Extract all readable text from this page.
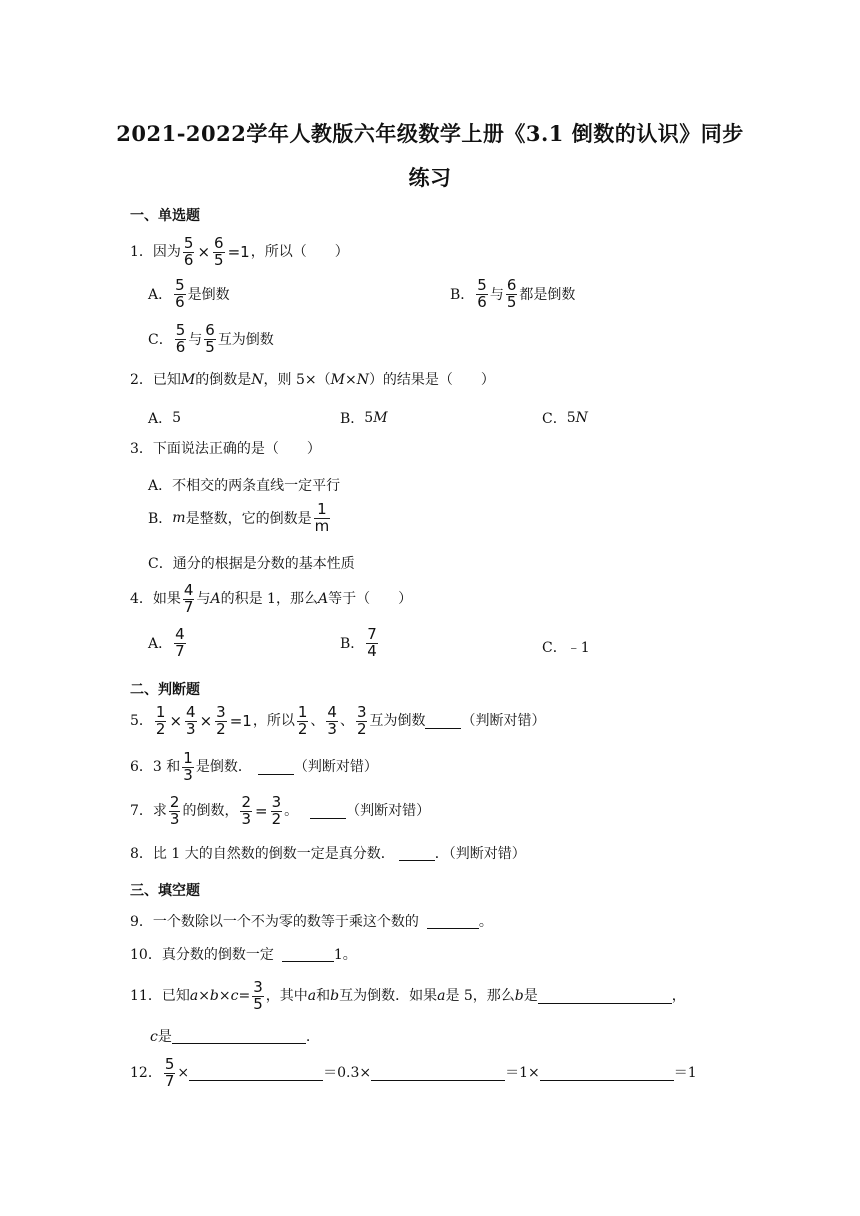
2021-2022学年人教版六年级数学上册《3.1 倒数的认识》同步
练习
一、单选题
1． 因为 $\frac{5}{6} \times \frac{6}{5} =1$ ，所以（　　）
A． $\frac{5}{6}$ 是倒数	B． $\frac{5}{6}$ 与 $\frac{6}{5}$ 都是倒数
C． $\frac{5}{6}$ 与 $\frac{6}{5}$ 互为倒数
2． 已知 M 的倒数是 N ，则 5×（ M × N ）的结果是（　　）
A． 5	B． 5 M	C． 5 N
3． 下面说法正确的是（　　）
A． 不相交的两条直线一定平行
B． m 是整数，它的倒数是 $\frac{1}{m}$
C． 通分的根据是分数的基本性质
4． 如果 $\frac{4}{7}$ 与 A 的积是 1，那么 A 等于（　　）
A． $\frac{4}{7}$	B． $\frac{7}{4}$	C． ﹣1
二、判断题
5． $\frac{1}{2} \times \frac{4}{3} \times \frac{3}{2} =1$ ，所以 $\frac{1}{2}$ 、 $\frac{4}{3}$ 、 $\frac{3}{2}$ 互为倒数	（判断对错）
6． 3 和 $\frac{1}{3}$ 是倒数．	（判断对错）
7． 求 $\frac{2}{3}$ 的倒数， $\frac{2}{3} = \frac{3}{2}$ 。	（判断对错）
8． 比 1 大的自然数的倒数一定是真分数．	．（判断对错）
三、填空题
9． 一个数除以一个不为零的数等于乘这个数的	。
10． 真分数的倒数一定	1。
11． 已知 $a \times b \times c = \frac{3}{5}$ ，其中 a 和 b 互为倒数．如果 a 是 5，那么 b 是	，
c 是	.
12． $\frac{5}{7}$ ×	＝0.3×	＝1×	＝1
